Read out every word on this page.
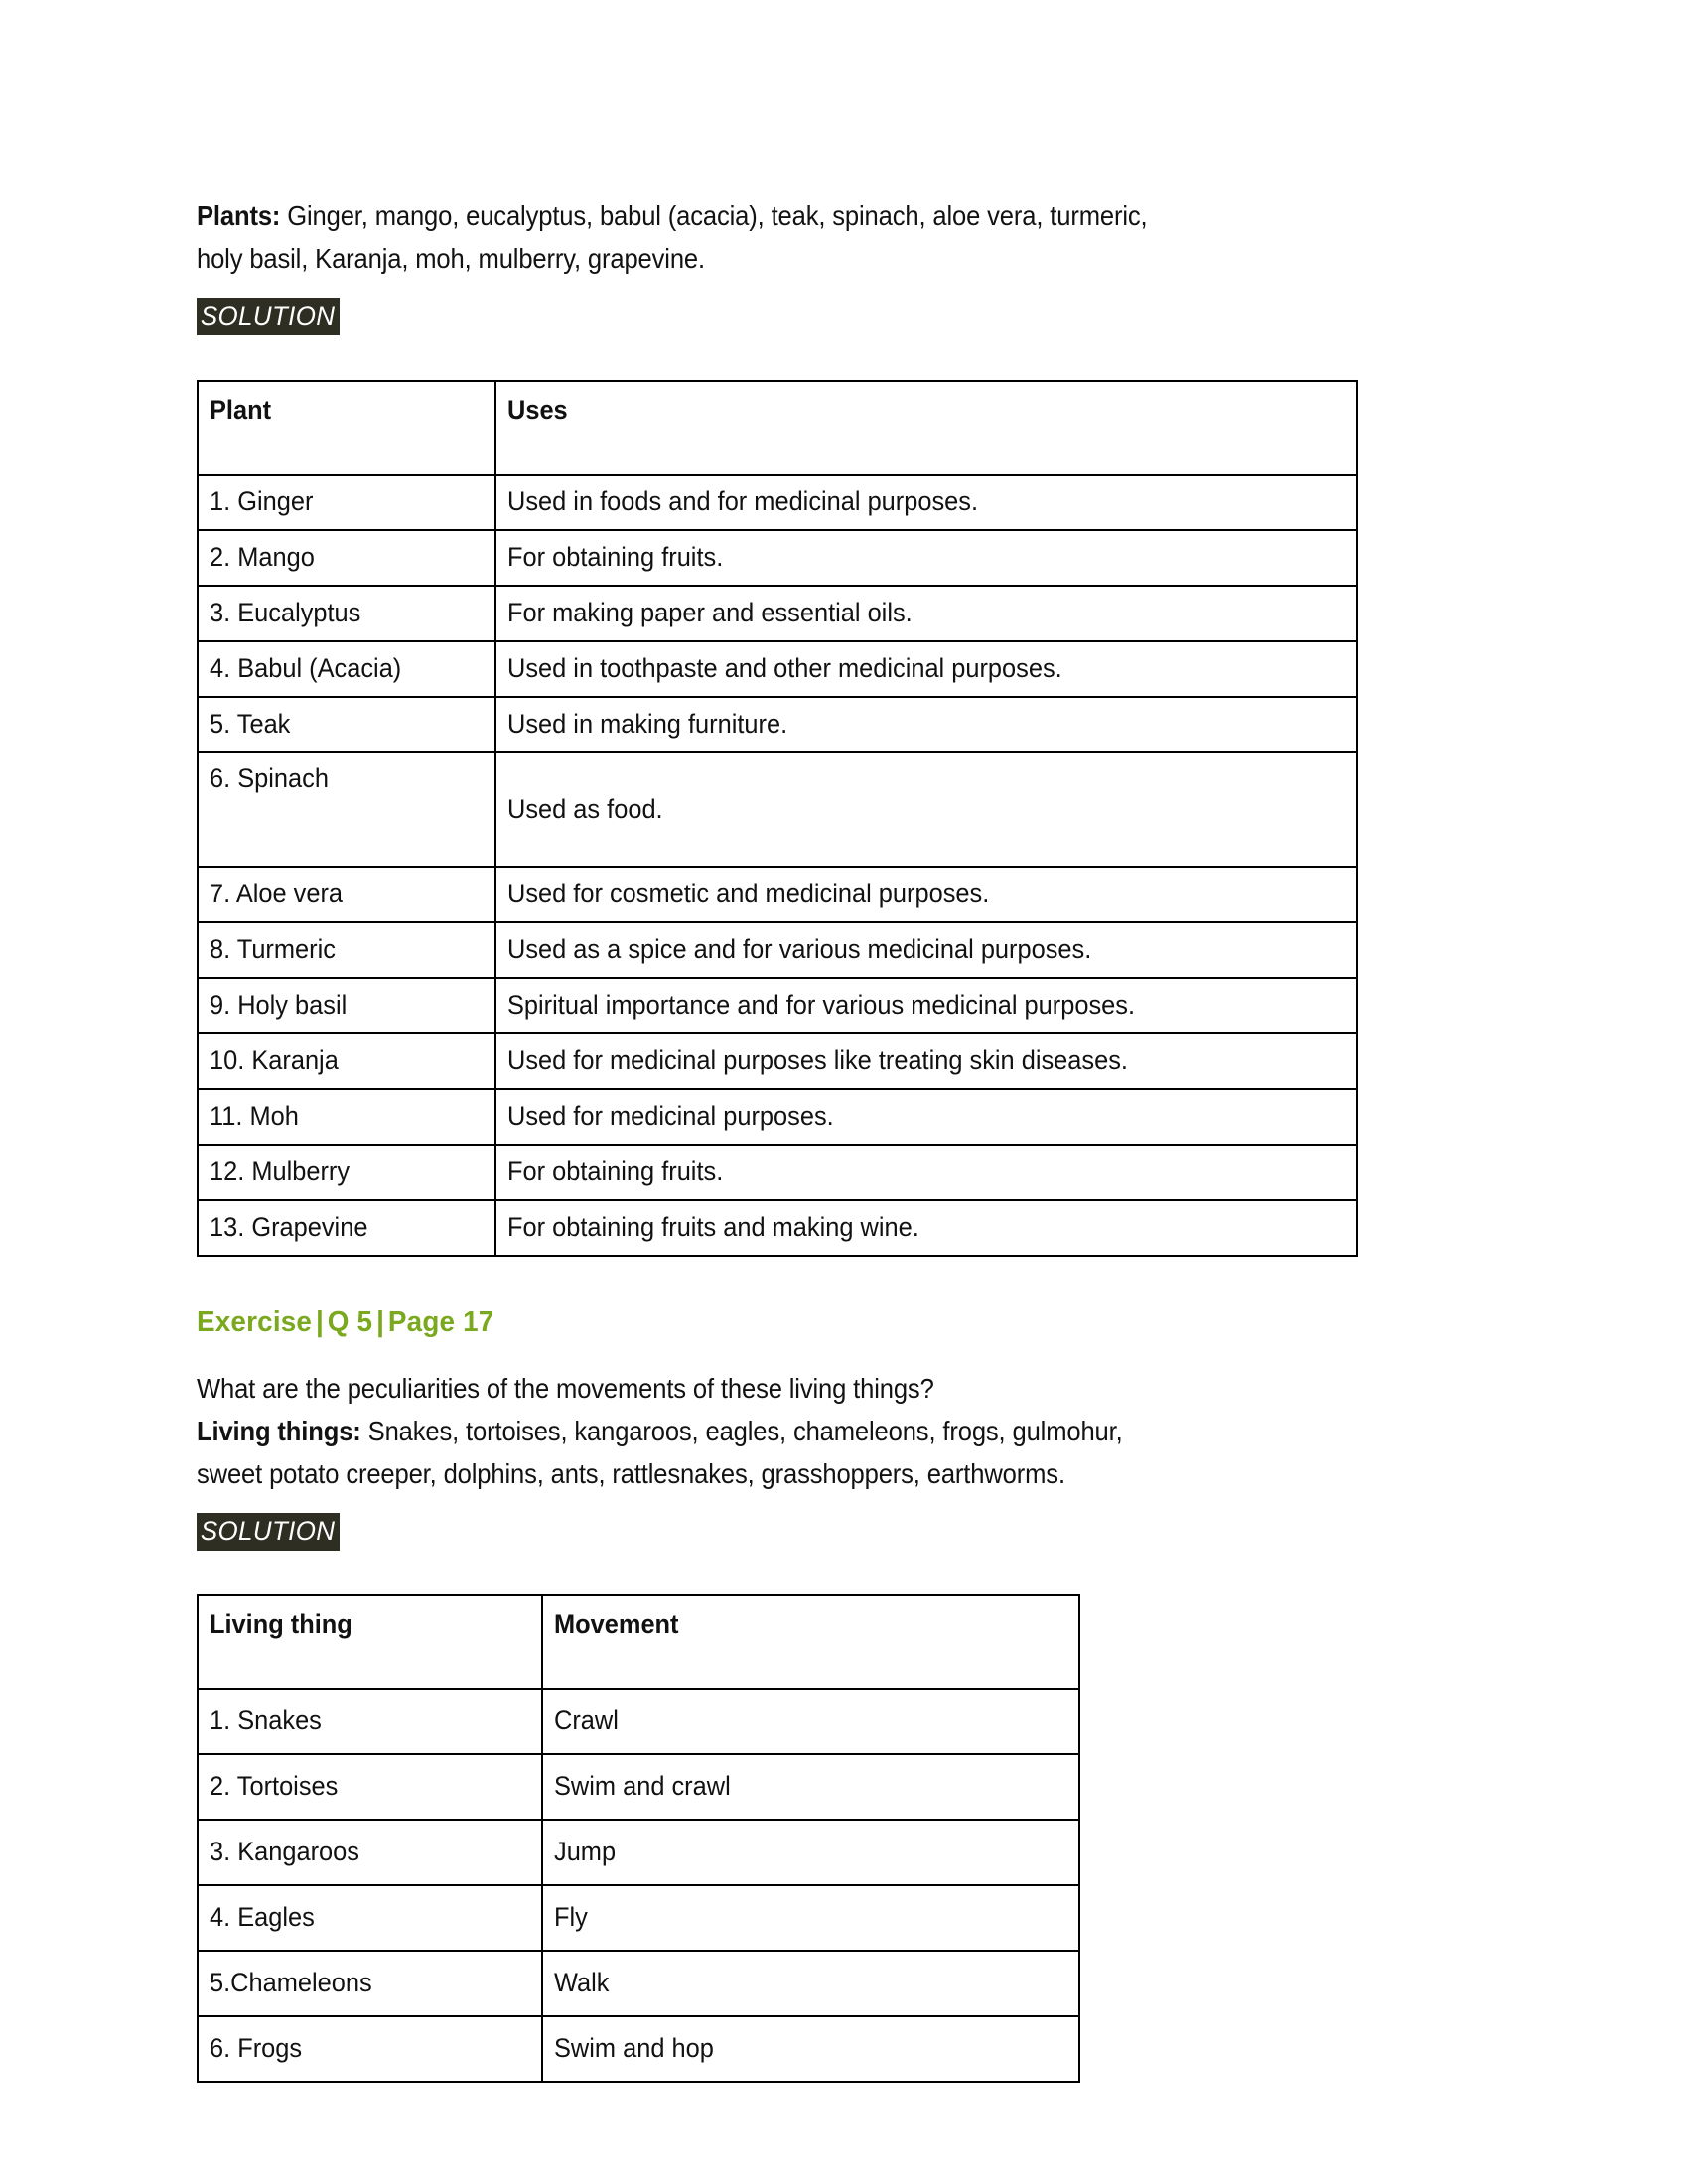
Plants: Ginger, mango, eucalyptus, babul (acacia), teak, spinach, aloe vera, turmeric,
holy basil, Karanja, moh, mulberry, grapevine.
SOLUTION
Plant	Uses

1. Ginger	Used in foods and for medicinal purposes.

2. Mango	For obtaining fruits.

3. Eucalyptus	For making paper and essential oils.

4. Babul (Acacia)	Used in toothpaste and other medicinal purposes.

5. Teak	Used in making furniture.

6. Spinach	Used as food.

7. Aloe vera	Used for cosmetic and medicinal purposes.

8. Turmeric	Used as a spice and for various medicinal purposes.

9. Holy basil	Spiritual importance and for various medicinal purposes.

10. Karanja	Used for medicinal purposes like treating skin diseases.

11. Moh	Used for medicinal purposes.

12. Mulberry	For obtaining fruits.

13. Grapevine	For obtaining fruits and making wine.
Exercise | Q 5 | Page 17
What are the peculiarities of the movements of these living things?
Living things: Snakes, tortoises, kangaroos, eagles, chameleons, frogs, gulmohur,
sweet potato creeper, dolphins, ants, rattlesnakes, grasshoppers, earthworms.
SOLUTION
Living thing	Movement

1. Snakes	Crawl

2. Tortoises	Swim and crawl

3. Kangaroos	Jump

4. Eagles	Fly

5.Chameleons	Walk

6. Frogs	Swim and hop
